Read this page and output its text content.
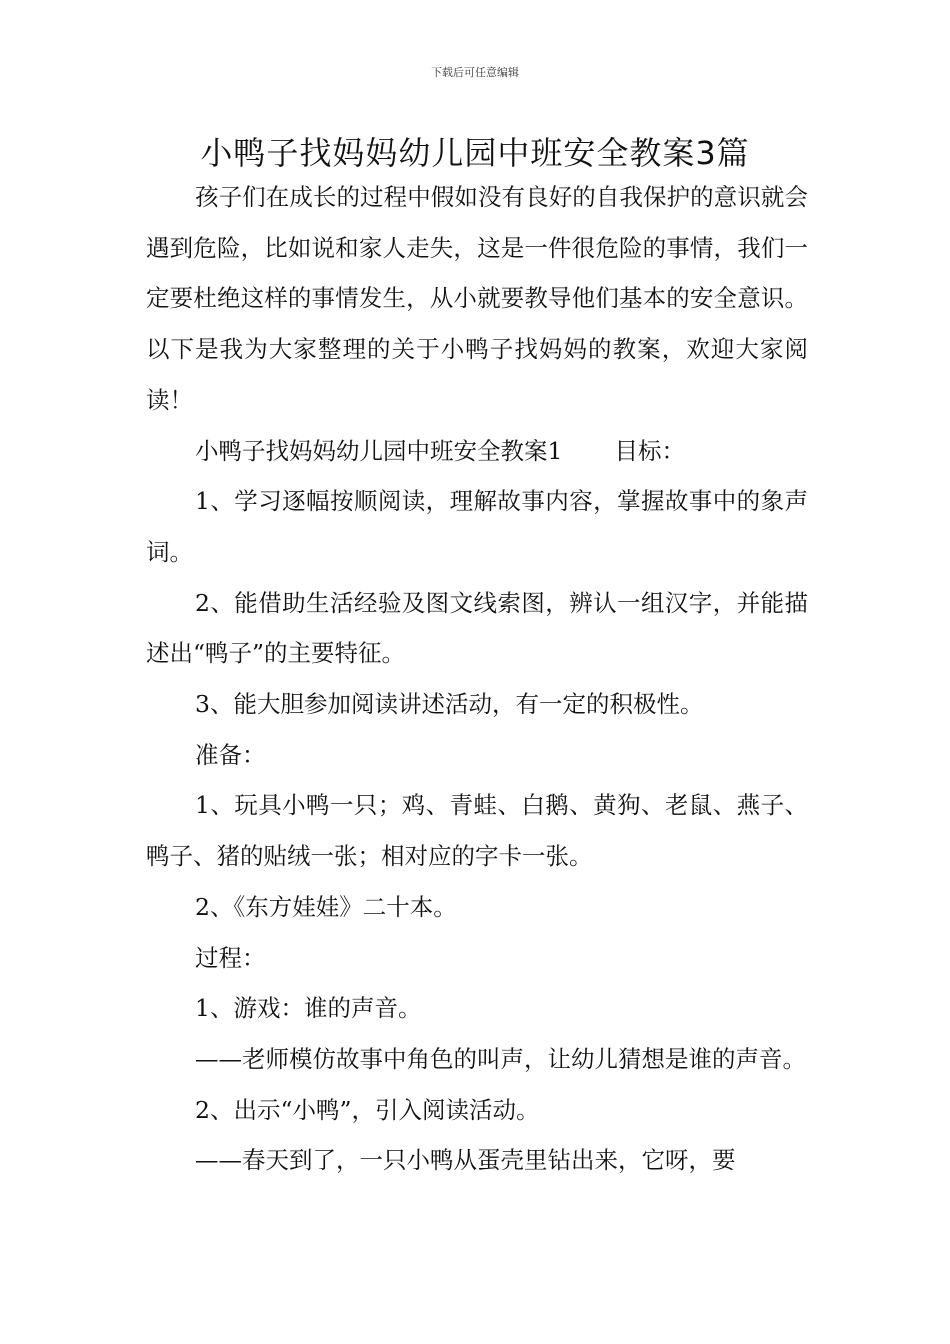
下载后可任意编辑
小鸭子找妈妈幼儿园中班安全教案3篇

孩子们在成长的过程中假如没有良好的自我保护的意识就会遇到危险，比如说和家人走失，这是一件很危险的事情，我们一定要杜绝这样的事情发生，从小就要教导他们基本的安全意识。以下是我为大家整理的关于小鸭子找妈妈的教案，欢迎大家阅读！

小鸭子找妈妈幼儿园中班安全教案1 目标：

1、学习逐幅按顺阅读，理解故事内容，掌握故事中的象声词。

2、能借助生活经验及图文线索图，辨认一组汉字，并能描述出“鸭子”的主要特征。

3、能大胆参加阅读讲述活动，有一定的积极性。

准备：

1、玩具小鸭一只；鸡、青蛙、白鹅、黄狗、老鼠、燕子、鸭子、猪的贴绒一张；相对应的字卡一张。

2、《东方娃娃》二十本。

过程：

1、游戏：谁的声音。

——老师模仿故事中角色的叫声，让幼儿猜想是谁的声音。

2、出示“小鸭”，引入阅读活动。

——春天到了，一只小鸭从蛋壳里钻出来，它呀，要
